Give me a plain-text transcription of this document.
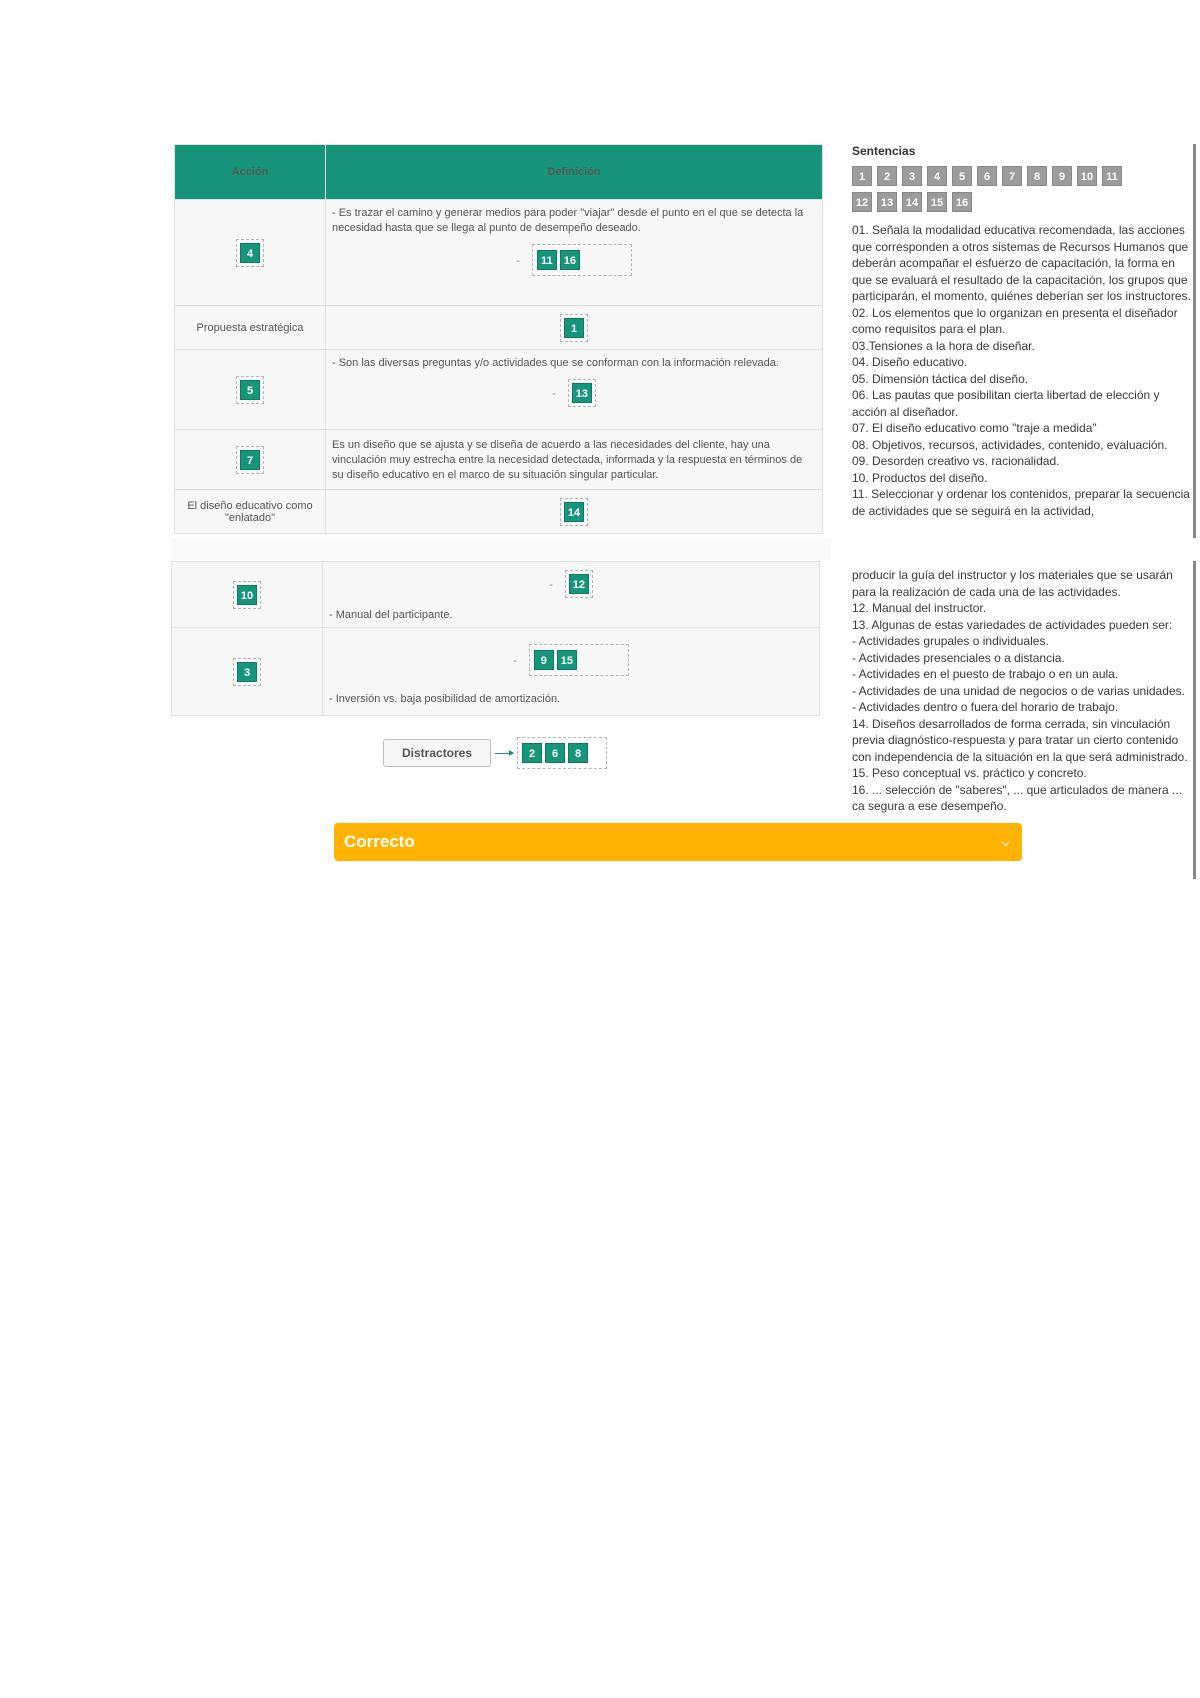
Acción	Definición
4	- Es trazar el camino y generar medios para poder "viajar" desde el punto en el que se detecta la necesidad hasta que se llega al punto de desempeño deseado.
- 11 16

Propuesta estratégica	1
5	- Son las diversas preguntas y/o actividades que se conforman con la información relevada.
- 13

7	Es un diseño que se ajusta y se diseña de acuerdo a las necesidades del cliente, hay una vinculación muy estrecha entre la necesidad detectada, informada y la respuesta en términos de su diseño educativo en el marco de su situación singular particular.

El diseño educativo como "enlatado"	14
Sentencias
1	2	3	4	5	6	7	8	9	10	11
12	13	14	15	16
01. Señala la modalidad educativa recomendada, las acciones que corresponden a otros sistemas de Recursos Humanos que deberán acompañar el esfuerzo de capacitación, la forma en que se evaluará el resultado de la capacitación, los grupos que participarán, el momento, quiénes deberían ser los instructores.
02. Los elementos que lo organizan en presenta el diseñador como requisitos para el plan.
03.Tensiones a la hora de diseñar.
04. Diseño educativo.
05. Dimensión táctica del diseño.
06. Las pautas que posibilitan cierta libertad de elección y acción al diseñador.
07. El diseño educativo como "traje a medida"
08. Objetivos, recursos, actividades, contenido, evaluación.
09. Desorden creativo vs. racionalidad.
10. Productos del diseño.
11. Seleccionar y ordenar los contenidos, preparar la secuencia de actividades que se seguirá en la actividad,
10	- 12
- Manual del participante.

3	- 9 15
- Inversión vs. baja posibilidad de amortización.
Distractores	2	6	8
producir la guía del instructor y los materiales que se usarán para la realización de cada una de las actividades.
12. Manual del instructor.
13. Algunas de estas variedades de actividades pueden ser:
- Actividades grupales o individuales.
- Actividades presenciales o a distancia.
- Actividades en el puesto de trabajo o en un aula.
- Actividades de una unidad de negocios o de varias unidades.
- Actividades dentro o fuera del horario de trabajo.
14. Diseños desarrollados de forma cerrada, sin vinculación previa diagnóstico-respuesta y para tratar un cierto contenido con independencia de la situación en la que será administrado.
15. Peso conceptual vs. práctico y concreto.
16. ... selección de "saberes", ... que articulados de manera ... ca segura a ese desempeño.
Correcto	⌵
